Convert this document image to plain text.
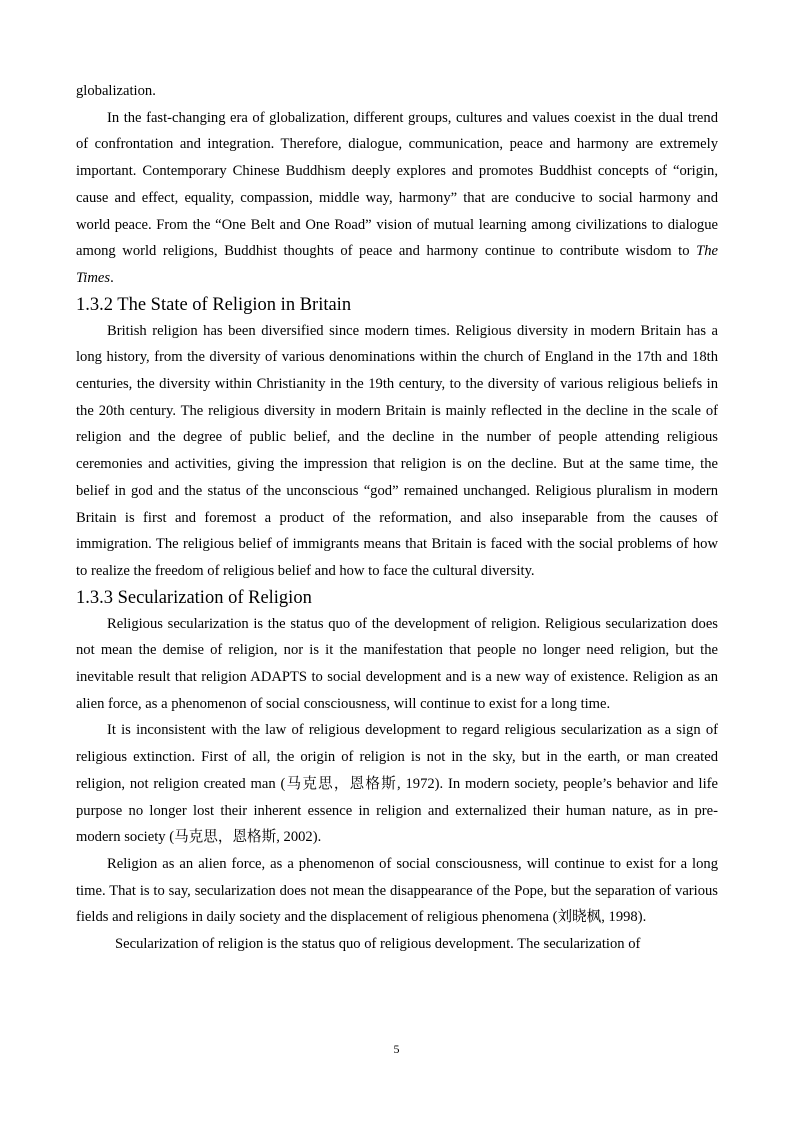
globalization.

In the fast-changing era of globalization, different groups, cultures and values coexist in the dual trend of confrontation and integration. Therefore, dialogue, communication, peace and harmony are extremely important. Contemporary Chinese Buddhism deeply explores and promotes Buddhist concepts of “origin, cause and effect, equality, compassion, middle way, harmony” that are conducive to social harmony and world peace. From the “One Belt and One Road” vision of mutual learning among civilizations to dialogue among world religions, Buddhist thoughts of peace and harmony continue to contribute wisdom to The Times.

1.3.2 The State of Religion in Britain

British religion has been diversified since modern times. Religious diversity in modern Britain has a long history, from the diversity of various denominations within the church of England in the 17th and 18th centuries, the diversity within Christianity in the 19th century, to the diversity of various religious beliefs in the 20th century. The religious diversity in modern Britain is mainly reflected in the decline in the scale of religion and the degree of public belief, and the decline in the number of people attending religious ceremonies and activities, giving the impression that religion is on the decline. But at the same time, the belief in god and the status of the unconscious “god” remained unchanged. Religious pluralism in modern Britain is first and foremost a product of the reformation, and also inseparable from the causes of immigration. The religious belief of immigrants means that Britain is faced with the social problems of how to realize the freedom of religious belief and how to face the cultural diversity.

1.3.3 Secularization of Religion

Religious secularization is the status quo of the development of religion. Religious secularization does not mean the demise of religion, nor is it the manifestation that people no longer need religion, but the inevitable result that religion ADAPTS to social development and is a new way of existence. Religion as an alien force, as a phenomenon of social consciousness, will continue to exist for a long time.

It is inconsistent with the law of religious development to regard religious secularization as a sign of religious extinction. First of all, the origin of religion is not in the sky, but in the earth, or man created religion, not religion created man (马克思，恩格斯, 1972). In modern society, people’s behavior and life purpose no longer lost their inherent essence in religion and externalized their human nature, as in pre-modern society (马克思，恩格斯, 2002).

Religion as an alien force, as a phenomenon of social consciousness, will continue to exist for a long time. That is to say, secularization does not mean the disappearance of the Pope, but the separation of various fields and religions in daily society and the displacement of religious phenomena (刘晓枫, 1998).

Secularization of religion is the status quo of religious development. The secularization of

5
